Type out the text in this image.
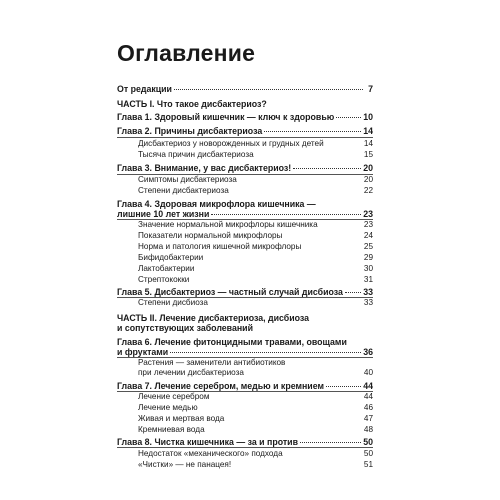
Оглавление
От редакции	7
ЧАСТЬ I. Что такое дисбактериоз?
Глава 1. Здоровый кишечник — ключ к здоровью	10
Глава 2. Причины дисбактериоза	14
Дисбактериоз у новорожденных и грудных детей	14
Тысяча причин дисбактериоза	15
Глава 3. Внимание, у вас дисбактериоз!	20
Симптомы дисбактериоза	20
Степени дисбактериоза	22
Глава 4. Здоровая микрофлора кишечника —
лишние 10 лет жизни	23
Значение нормальной микрофлоры кишечника	23
Показатели нормальной микрофлоры	24
Норма и патология кишечной микрофлоры	25
Бифидобактерии	29
Лактобактерии	30
Стрептококки	31
Глава 5. Дисбактериоз — частный случай дисбиоза 33
Степени дисбиоза	33
ЧАСТЬ II. Лечение дисбактериоза, дисбиоза
и сопутствующих заболеваний
Глава 6. Лечение фитонцидными травами, овощами
и фруктами	36
Растения — заменители антибиотиков
при лечении дисбактериоза	40
Глава 7. Лечение серебром, медью и кремнием	44
Лечение серебром	44
Лечение медью	46
Живая и мертвая вода	47
Кремниевая вода	48
Глава 8. Чистка кишечника — за и против	50
Недостаток «механического» подхода	50
«Чистки» — не панацея!	51
